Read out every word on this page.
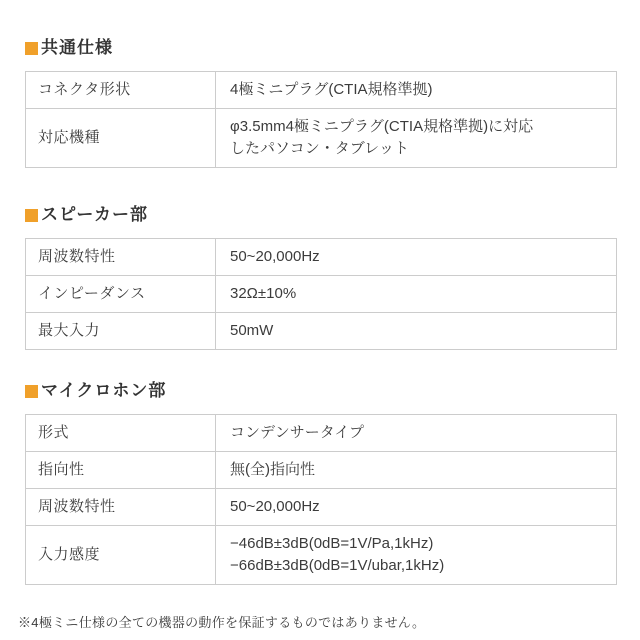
共通仕様
コネクタ形状	4極ミニプラグ(CTIA規格準拠)
対応機種	φ3.5mm4極ミニプラグ(CTIA規格準拠)に対応
したパソコン・タブレット
スピーカー部
周波数特性	50~20,000Hz
インピーダンス	32Ω±10%
最大入力	50mW
マイクロホン部
形式	コンデンサータイプ
指向性	無(全)指向性
周波数特性	50~20,000Hz
入力感度	−46dB±3dB(0dB=1V/Pa,1kHz)
−66dB±3dB(0dB=1V/ubar,1kHz)

※4極ミニ仕様の全ての機器の動作を保証するものではありません。
